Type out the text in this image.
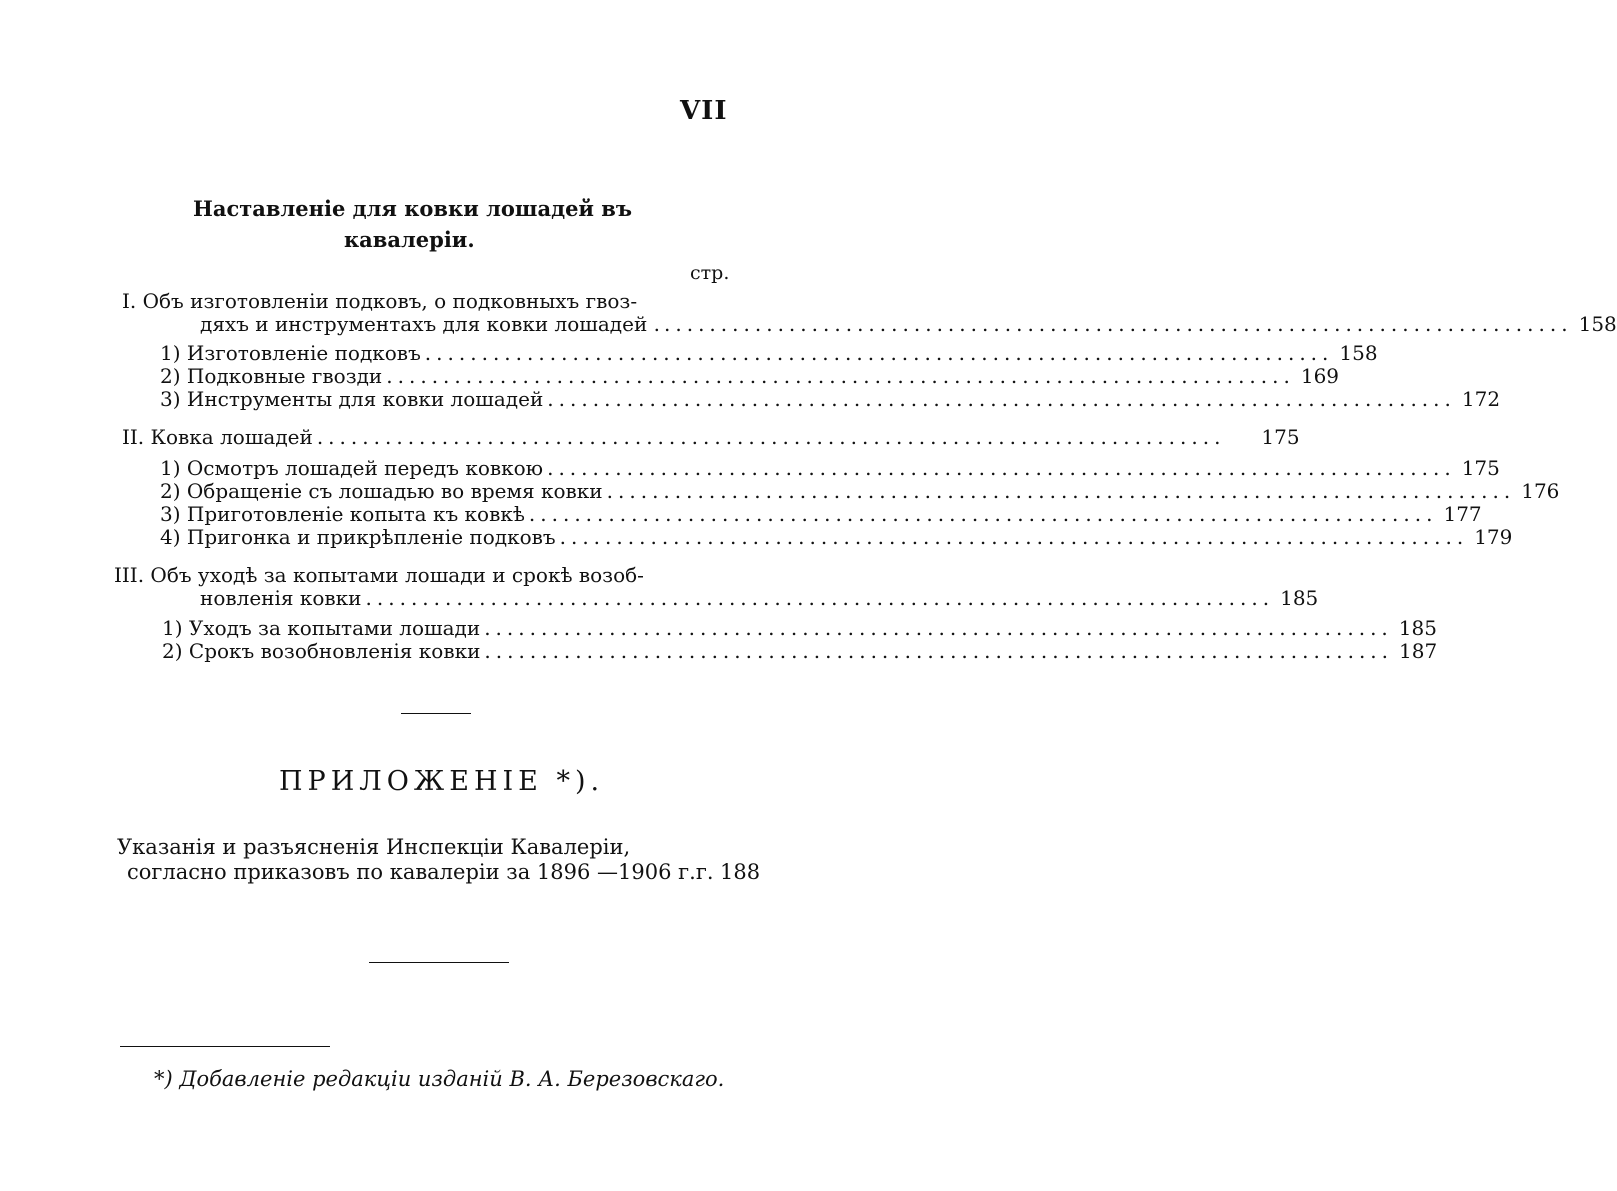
VII
Наставленіе для ковки лошадей въ
кавалеріи.
стр.
I. Объ изготовленіи подковъ, о подковныхъ гвоз-
дяхъ и инструментахъ для ковки лошадей . ................................................................................ 158
1) Изготовленіе подковъ ................................................................................ 158
2) Подковные гвозди ................................................................................ 169
3) Инструменты для ковки лошадей ................................................................................ 172
II. Ковка лошадей ................................................................................ 175
1) Осмотръ лошадей передъ ковкою ................................................................................ 175
2) Обращеніе съ лошадью во время ковки ................................................................................ 176
3) Приготовленіе копыта къ ковкѣ ................................................................................ 177
4) Пригонка и прикрѣпленіе подковъ ................................................................................ 179
III. Объ уходѣ за копытами лошади и срокѣ возоб-
новленія ковки ................................................................................ 185
1) Уходъ за копытами лошади ................................................................................ 185
2) Срокъ возобновленія ковки ................................................................................ 187
ПРИЛОЖЕНІЕ *).
Указанія и разъясненія Инспекціи Кавалеріи,
согласно приказовъ по кавалеріи за 1896 —1906 г.г. 188
*) Добавленіе редакціи изданій В. А. Березовскаго.
